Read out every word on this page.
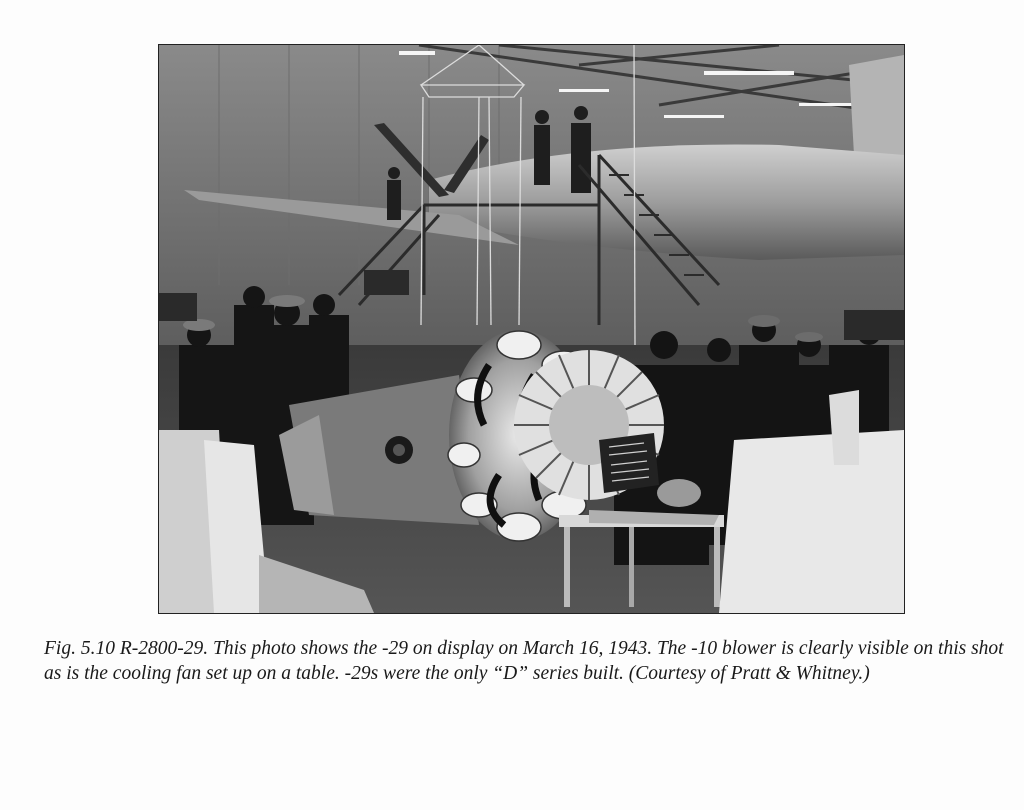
Fig. 5.10 R-2800-29. This photo shows the -29 on display on March 16, 1943. The -10 blower is clearly visible on this shot as is the cooling fan set up on a table. -29s were the only “D” series built. (Courtesy of Pratt & Whitney.)
